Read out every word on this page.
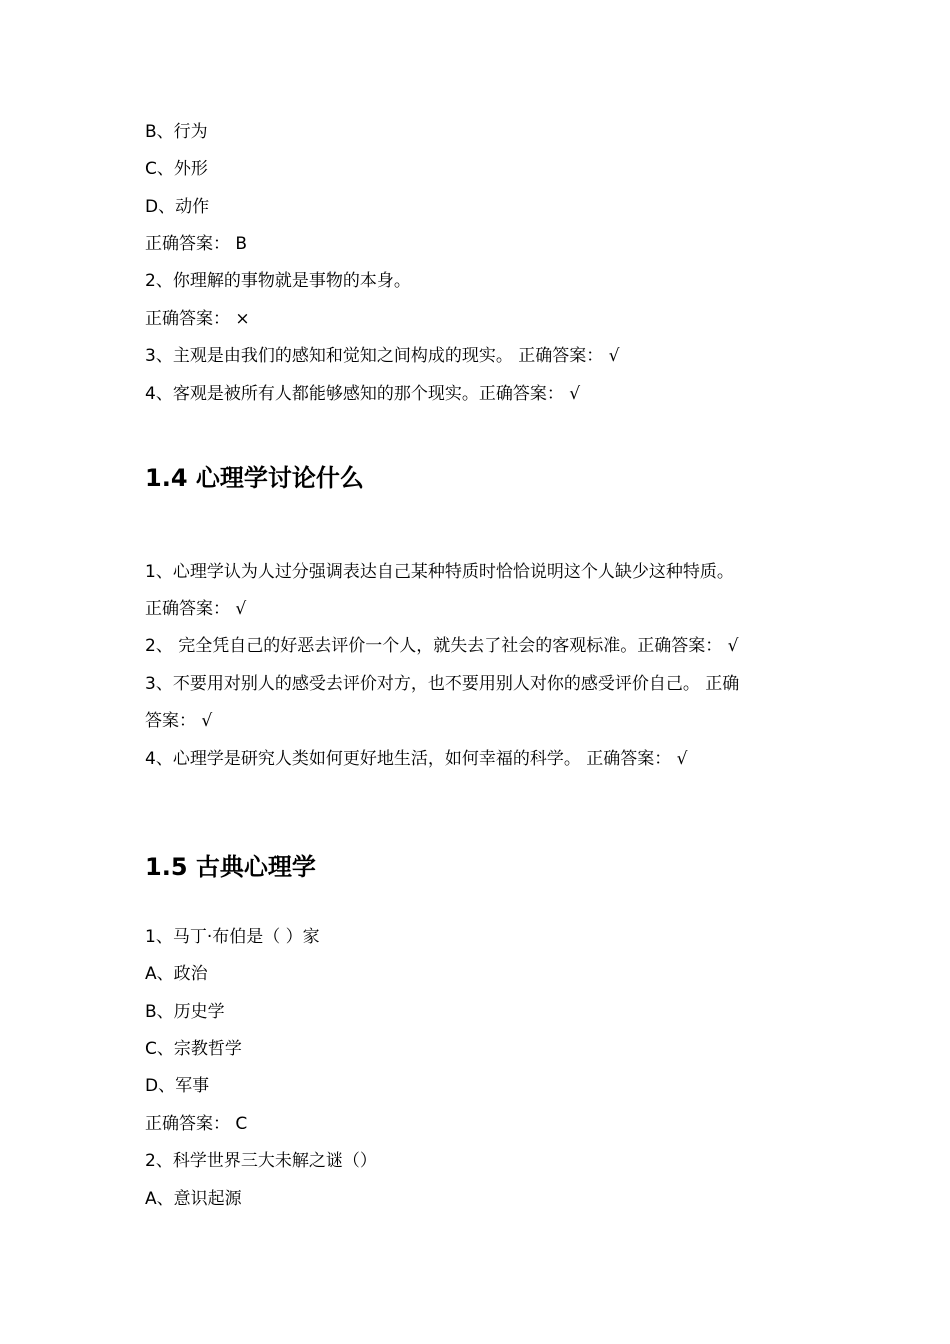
B、行为
C、外形
D、动作
正确答案： B
2、你理解的事物就是事物的本身。
正确答案： ×
3、主观是由我们的感知和觉知之间构成的现实。 正确答案： √
4、客观是被所有人都能够感知的那个现实。正确答案： √
1.4 心理学讨论什么
1、心理学认为人过分强调表达自己某种特质时恰恰说明这个人缺少这种特质。
正确答案： √
2、 完全凭自己的好恶去评价一个人，就失去了社会的客观标准。正确答案： √
3、不要用对别人的感受去评价对方，也不要用别人对你的感受评价自己。 正确
答案： √
4、心理学是研究人类如何更好地生活，如何幸福的科学。 正确答案： √
1.5 古典心理学
1、马丁·布伯是（ ）家
A、政治
B、历史学
C、宗教哲学
D、军事
正确答案： C
2、科学世界三大未解之谜（）
A、意识起源
